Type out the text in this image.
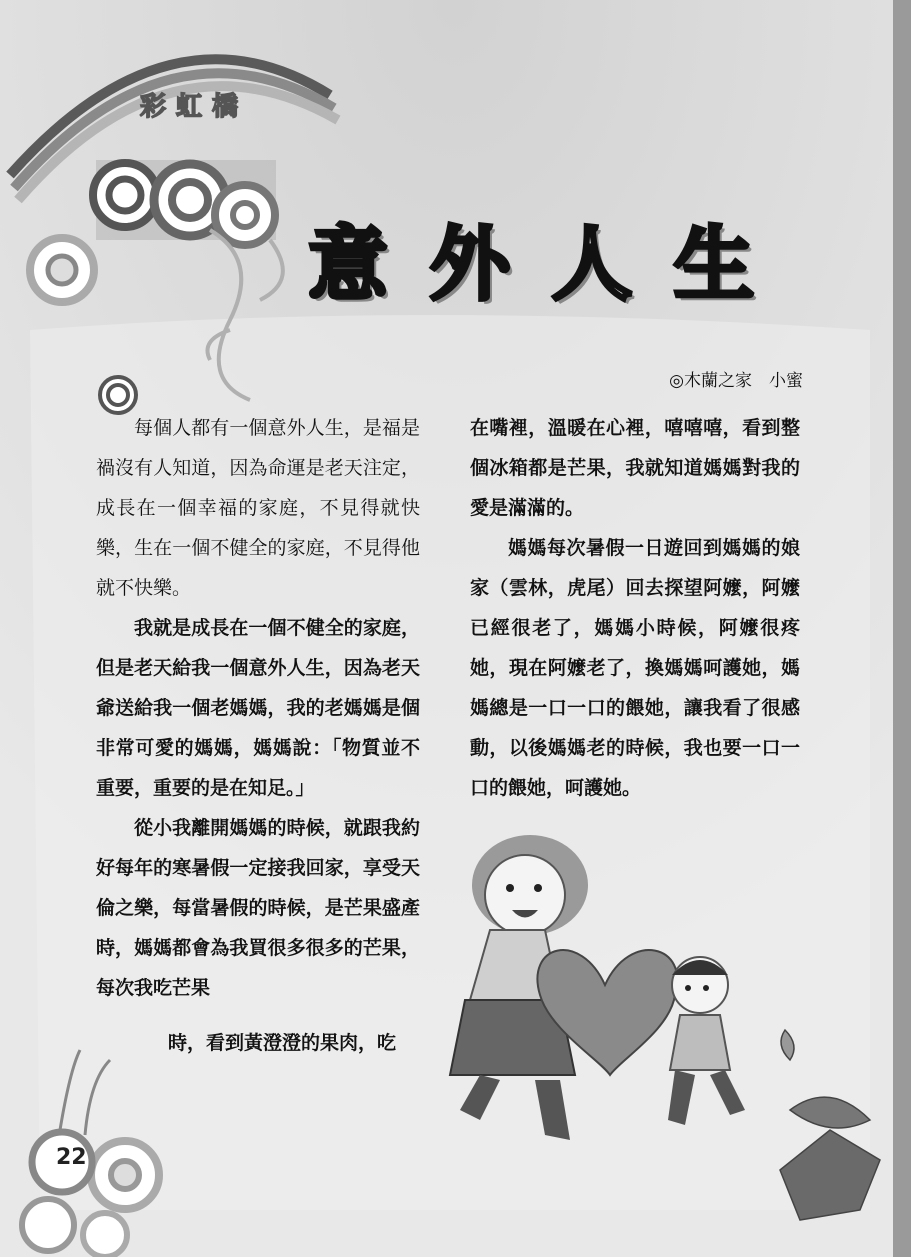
彩虹橋
意外人生
◎木蘭之家　小蜜

每個人都有一個意外人生，是福是禍沒有人知道，因為命運是老天注定，成長在一個幸福的家庭，不見得就快樂，生在一個不健全的家庭，不見得他就不快樂。

我就是成長在一個不健全的家庭，但是老天給我一個意外人生，因為老天爺送給我一個老媽媽，我的老媽媽是個非常可愛的媽媽，媽媽說：「物質並不重要，重要的是在知足。」

從小我離開媽媽的時候，就跟我約好每年的寒暑假一定接我回家，享受天倫之樂，每當暑假的時候，是芒果盛產時，媽媽都會為我買很多很多的芒果，每次我吃芒果

時，看到黃澄澄的果肉，吃

在嘴裡，溫暖在心裡，嘻嘻嘻，看到整個冰箱都是芒果，我就知道媽媽對我的愛是滿滿的。

媽媽每次暑假一日遊回到媽媽的娘家（雲林，虎尾）回去探望阿嬤，阿嬤已經很老了，媽媽小時候，阿嬤很疼她，現在阿嬤老了，換媽媽呵護她，媽媽總是一口一口的餵她，讓我看了很感動，以後媽媽老的時候，我也要一口一口的餵她，呵護她。

22
